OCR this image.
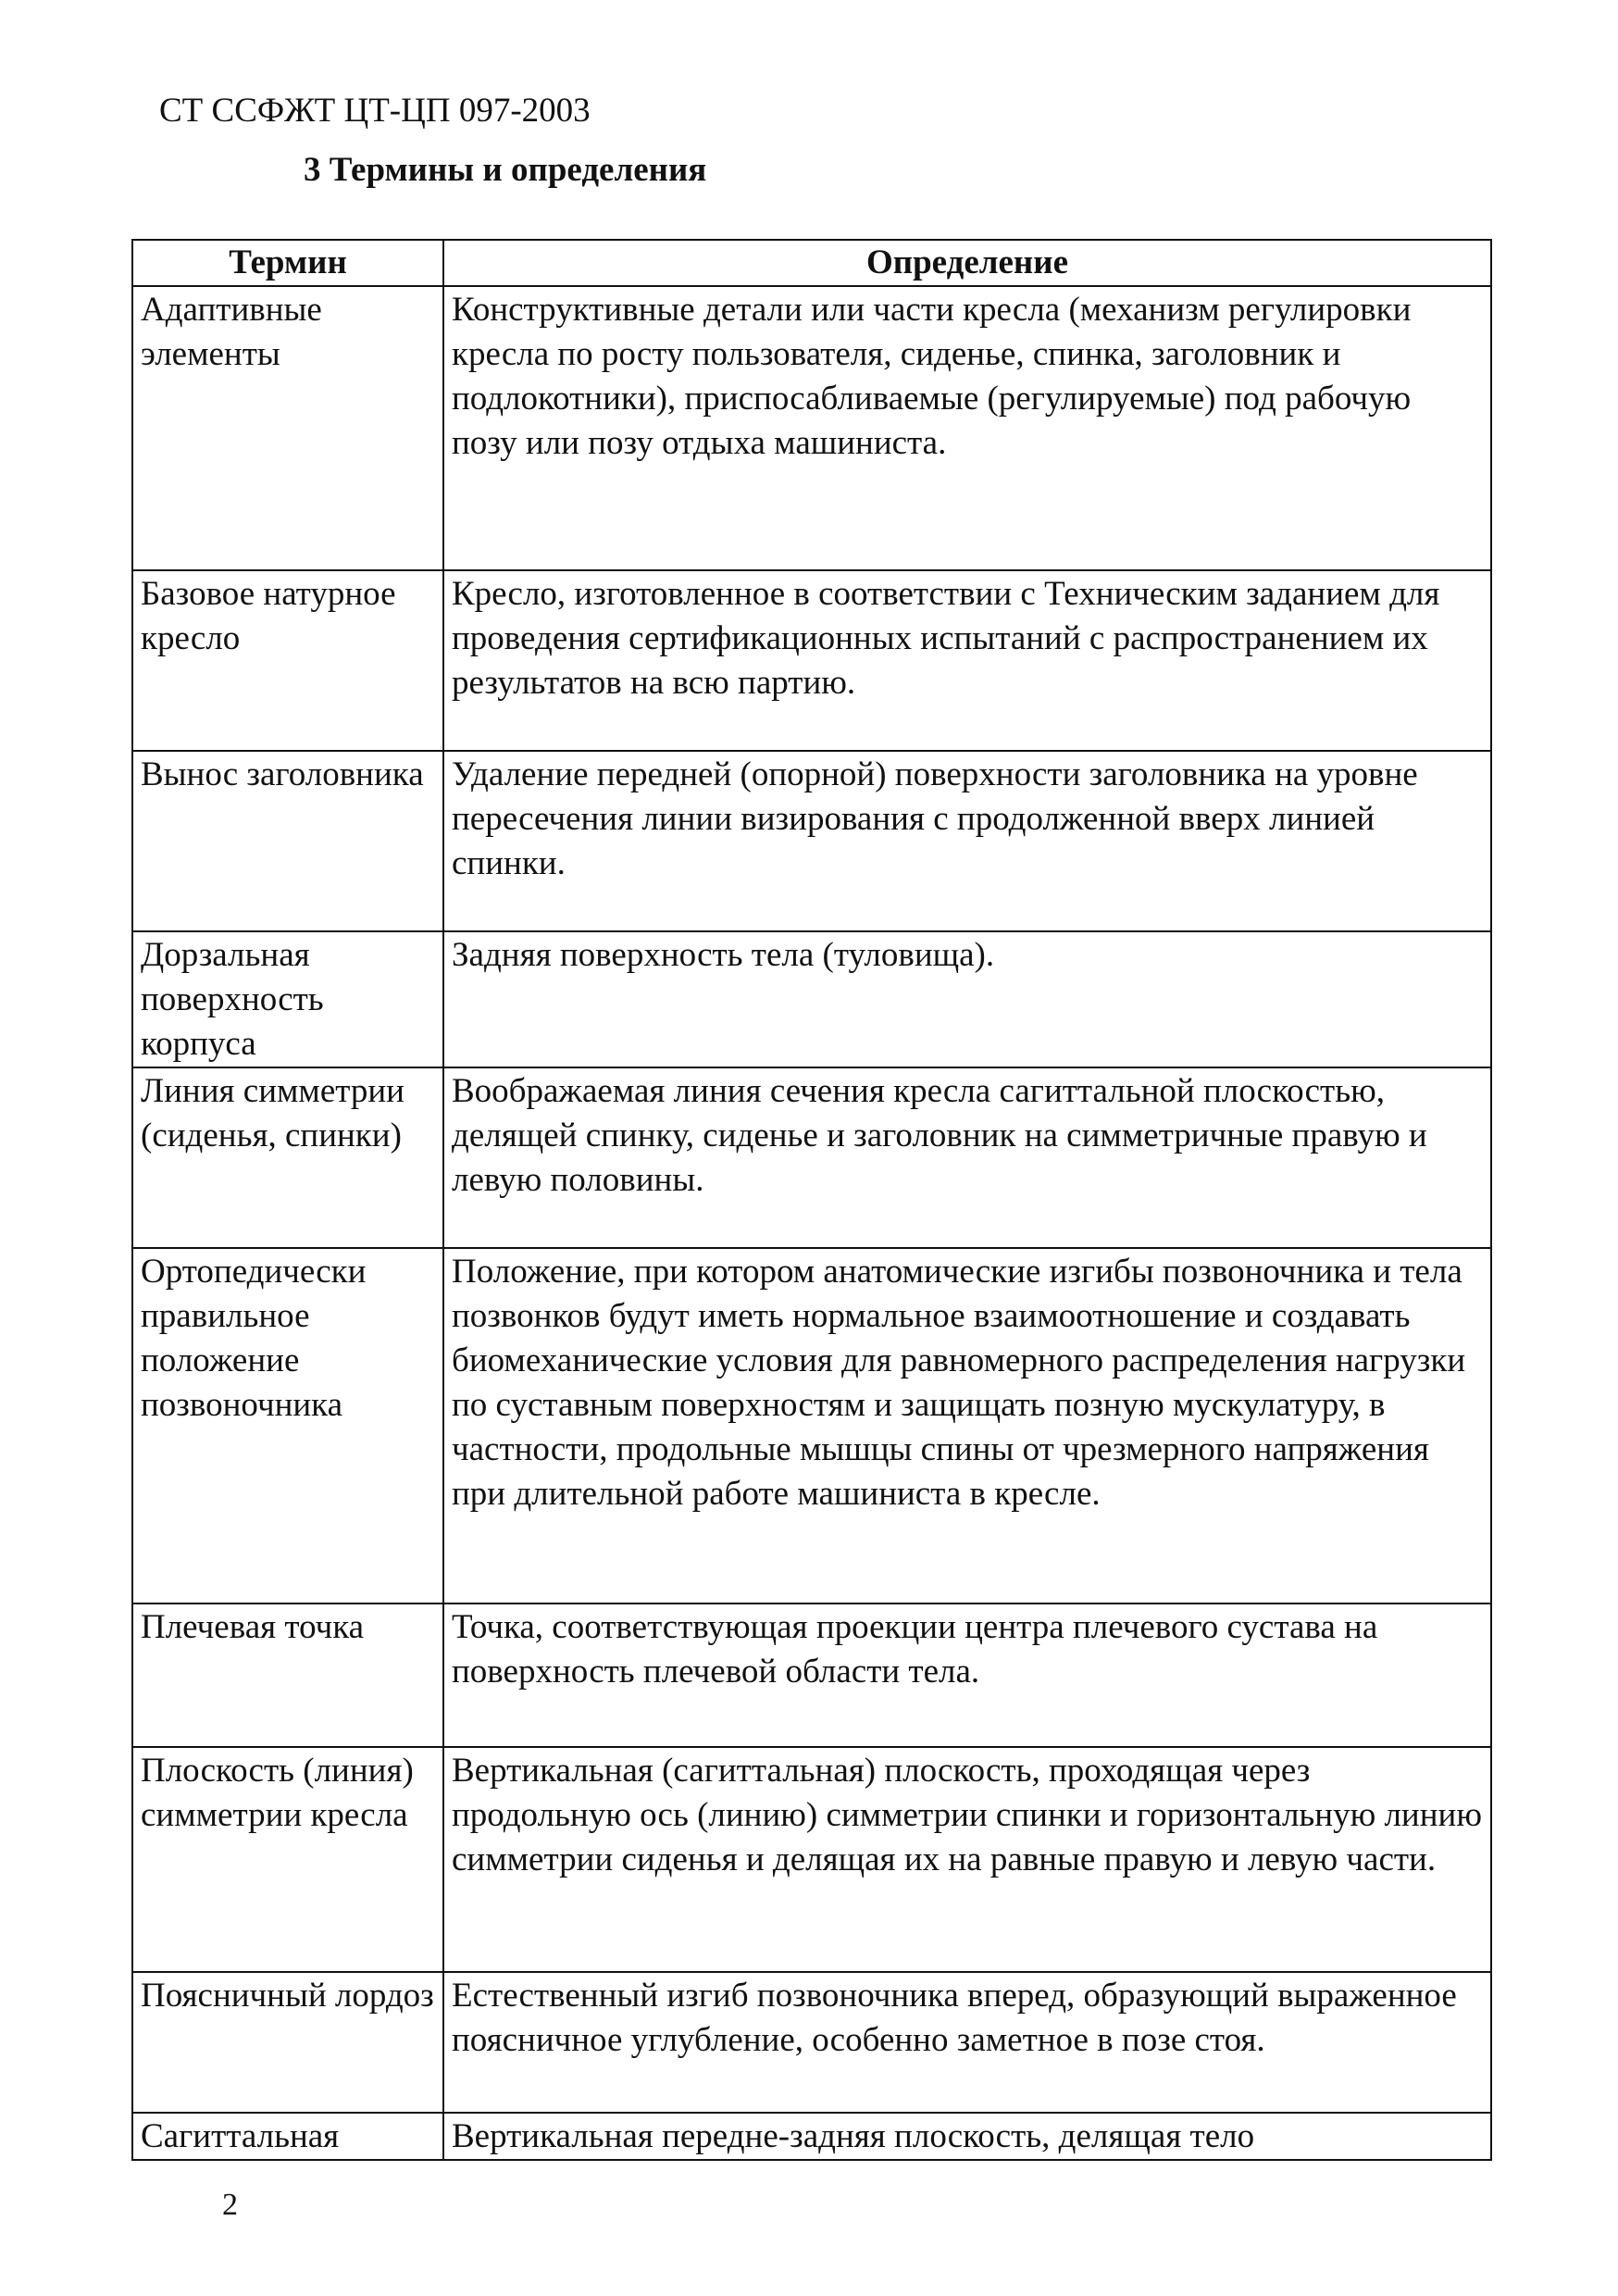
СТ ССФЖТ ЦТ-ЦП 097-2003
3 Термины и определения
Термин	Определение
Адаптивные элементы	Конструктивные детали или части кресла (механизм регулировки кресла по росту пользователя, сиденье, спинка, заголовник и подлокотники), приспосабливаемые (регулируемые) под рабочую позу или позу отдыха машиниста.
Базовое натурное кресло	Кресло, изготовленное в соответствии с Техническим заданием для проведения сертификационных испытаний с распространением их результатов на всю партию.
Вынос заголовника	Удаление передней (опорной) поверхности заголовника на уровне пересечения линии визирования с продолженной вверх линией спинки.
Дорзальная поверхность корпуса	Задняя поверхность тела (туловища).
Линия симметрии (сиденья, спинки)	Воображаемая линия сечения кресла сагиттальной плоскостью, делящей спинку, сиденье и заголовник на симметричные правую и левую половины.
Ортопедически правильное положение позвоночника	Положение, при котором анатомические изгибы позвоночника и тела позвонков будут иметь нормальное взаимоотношение и создавать биомеханические условия для равномерного распределения нагрузки по суставным поверхностям и защищать позную мускулатуру, в частности, продольные мышцы спины от чрезмерного напряжения при длительной работе машиниста в кресле.
Плечевая точка	Точка, соответствующая проекции центра плечевого сустава на поверхность плечевой области тела.
Плоскость (линия) симметрии кресла	Вертикальная (сагиттальная) плоскость, проходящая через продольную ось (линию) симметрии спинки и горизонтальную линию симметрии сиденья и делящая их на равные правую и левую части.
Поясничный лордоз	Естественный изгиб позвоночника вперед, образующий выраженное поясничное углубление, особенно заметное в позе стоя.
Сагиттальная	Вертикальная передне-задняя плоскость, делящая тело
2
